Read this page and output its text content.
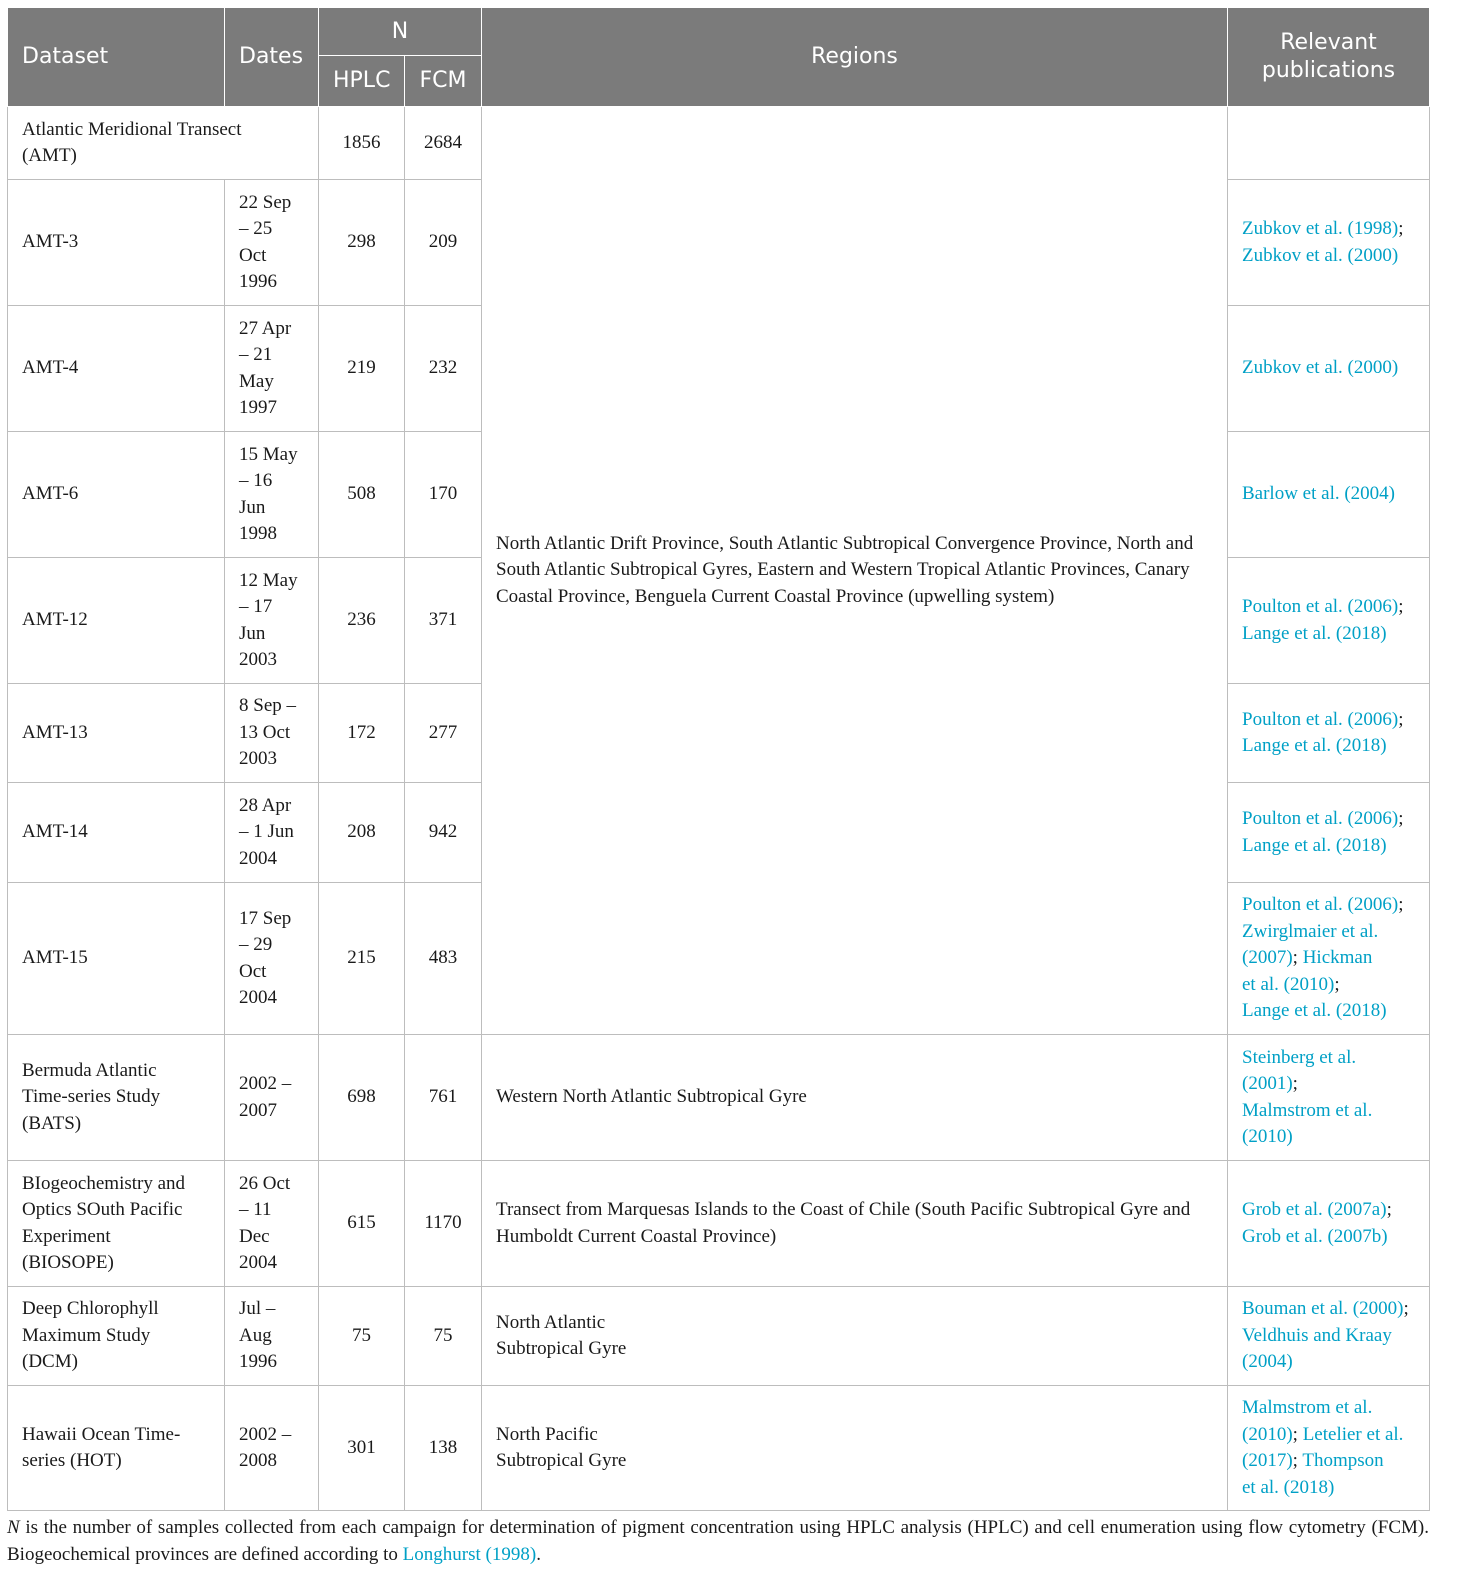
Dataset	Dates	N		Regions	Relevant
publications
		HPLC	FCM		
Atlantic Meridional Transect
(AMT)		1856	2684	North Atlantic Drift Province, South Atlantic Subtropical Convergence Province, North and South Atlantic Subtropical Gyres, Eastern and Western Tropical Atlantic Provinces, Canary Coastal Province, Benguela Current Coastal Province (upwelling system)	
AMT-3	22 Sep
– 25
Oct
1996	298	209		Zubkov et al. (1998);
Zubkov et al. (2000)
AMT-4	27 Apr
– 21
May
1997	219	232		Zubkov et al. (2000)
AMT-6	15 May
– 16
Jun
1998	508	170		Barlow et al. (2004)
AMT-12	12 May
– 17
Jun
2003	236	371		Poulton et al. (2006);
Lange et al. (2018)
AMT-13	8 Sep –
13 Oct
2003	172	277		Poulton et al. (2006);
Lange et al. (2018)
AMT-14	28 Apr
– 1 Jun
2004	208	942		Poulton et al. (2006);
Lange et al. (2018)
AMT-15	17 Sep
– 29
Oct
2004	215	483		Poulton et al. (2006);
Zwirglmaier et al.
(2007); Hickman
et al. (2010);
Lange et al. (2018)
Bermuda Atlantic
Time-series Study
(BATS)	2002 –
2007	698	761	Western North Atlantic Subtropical Gyre	Steinberg et al.
(2001);
Malmstrom et al.
(2010)
BIogeochemistry and
Optics SOuth Pacific
Experiment
(BIOSOPE)	26 Oct
– 11
Dec
2004	615	1170	Transect from Marquesas Islands to the Coast of Chile (South Pacific Subtropical Gyre and Humboldt Current Coastal Province)	Grob et al. (2007a);
Grob et al. (2007b)
Deep Chlorophyll
Maximum Study
(DCM)	Jul –
Aug
1996	75	75	North Atlantic
Subtropical Gyre	Bouman et al. (2000);
Veldhuis and Kraay
(2004)
Hawaii Ocean Time-
series (HOT)	2002 –
2008	301	138	North Pacific
Subtropical Gyre	Malmstrom et al.
(2010); Letelier et al.
(2017); Thompson
et al. (2018)
N is the number of samples collected from each campaign for determination of pigment concentration using HPLC analysis (HPLC) and cell enumeration using flow cytometry (FCM). Biogeochemical provinces are defined according to Longhurst (1998).
